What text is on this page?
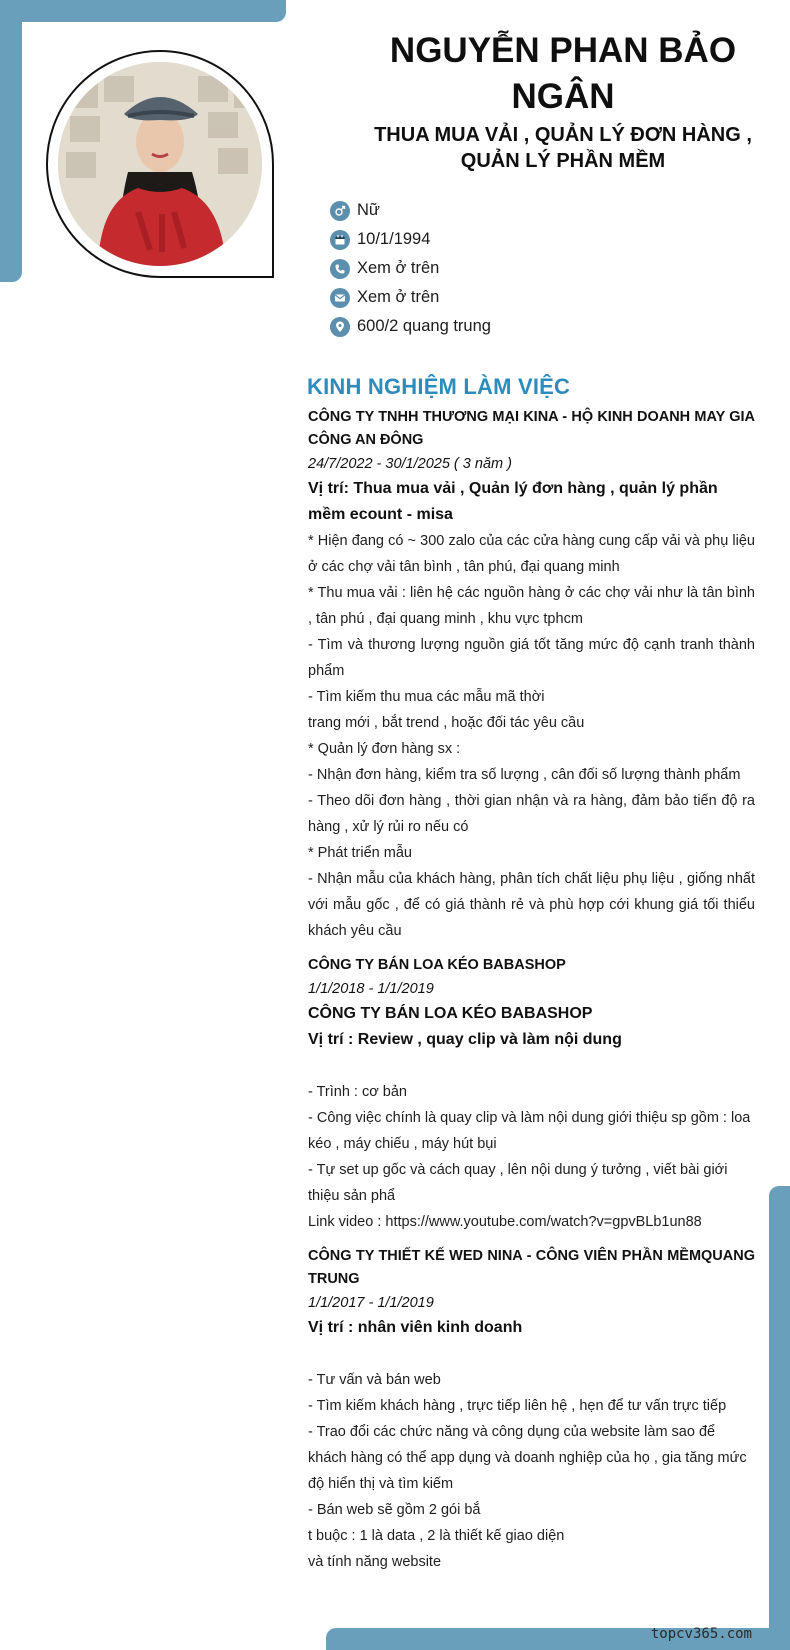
NGUYỄN PHAN BẢO NGÂN
THUA MUA VẢI , QUẢN LÝ ĐƠN HÀNG , QUẢN LÝ PHẦN MỀM
Nữ
10/1/1994
Xem ở trên
Xem ở trên
600/2 quang trung
KINH NGHIỆM LÀM VIỆC
CÔNG TY TNHH THƯƠNG MẠI KINA - HỘ KINH DOANH MAY GIA CÔNG AN ĐÔNG
24/7/2022 - 30/1/2025 ( 3 năm )
Vị trí: Thua mua vải , Quản lý đơn hàng , quản lý phần mềm ecount - misa
* Hiện đang có ~ 300 zalo của các cửa hàng cung cấp vải và phụ liệu ở các chợ vải tân bình , tân phú, đại quang minh
* Thu mua vải : liên hệ các nguồn hàng ở các chợ vải như là tân bình , tân phú , đại quang minh , khu vực tphcm
- Tìm và thương lượng nguồn giá tốt tăng mức độ cạnh tranh thành phẩm
- Tìm kiếm thu mua các mẫu mã thời
trang mới , bắt trend , hoặc đối tác yêu cầu
* Quản lý đơn hàng sx :
- Nhận đơn hàng, kiểm tra số lượng , cân đối số lượng thành phẩm
- Theo dõi đơn hàng , thời gian nhận và ra hàng, đảm bảo tiến độ ra hàng , xử lý rủi ro nếu có
* Phát triển mẫu
- Nhận mẫu của khách hàng, phân tích chất liệu phụ liệu , giống nhất với mẫu gốc , để có giá thành rẻ và phù hợp cới khung giá tối thiểu khách yêu cầu
CÔNG TY BÁN LOA KÉO BABASHOP
1/1/2018 - 1/1/2019
CÔNG TY BÁN LOA KÉO BABASHOP
Vị trí : Review , quay clip và làm nội dung
- Trình : cơ bản
- Công việc chính là quay clip và làm nội dung giới thiệu sp gồm : loa kéo , máy chiếu , máy hút bụi
- Tự set up gốc và cách quay , lên nội dung ý tưởng , viết bài giới thiệu sản phẩ
Link video : https://www.youtube.com/watch?v=gpvBLb1un88
CÔNG TY THIẾT KẾ WED NINA - CÔNG VIÊN PHẦN MỀMQUANG TRUNG
1/1/2017 - 1/1/2019
Vị trí : nhân viên kinh doanh
- Tư vấn và bán web
- Tìm kiếm khách hàng , trực tiếp liên hệ , hẹn để tư vấn trực tiếp
- Trao đổi các chức năng và công dụng của website làm sao để khách hàng có thể app dụng và doanh nghiệp của họ , gia tăng mức độ hiển thị và tìm kiếm
- Bán web sẽ gồm 2 gói bắ
t buộc : 1 là data , 2 là thiết kế giao diện
và tính năng website
topcv365.com
